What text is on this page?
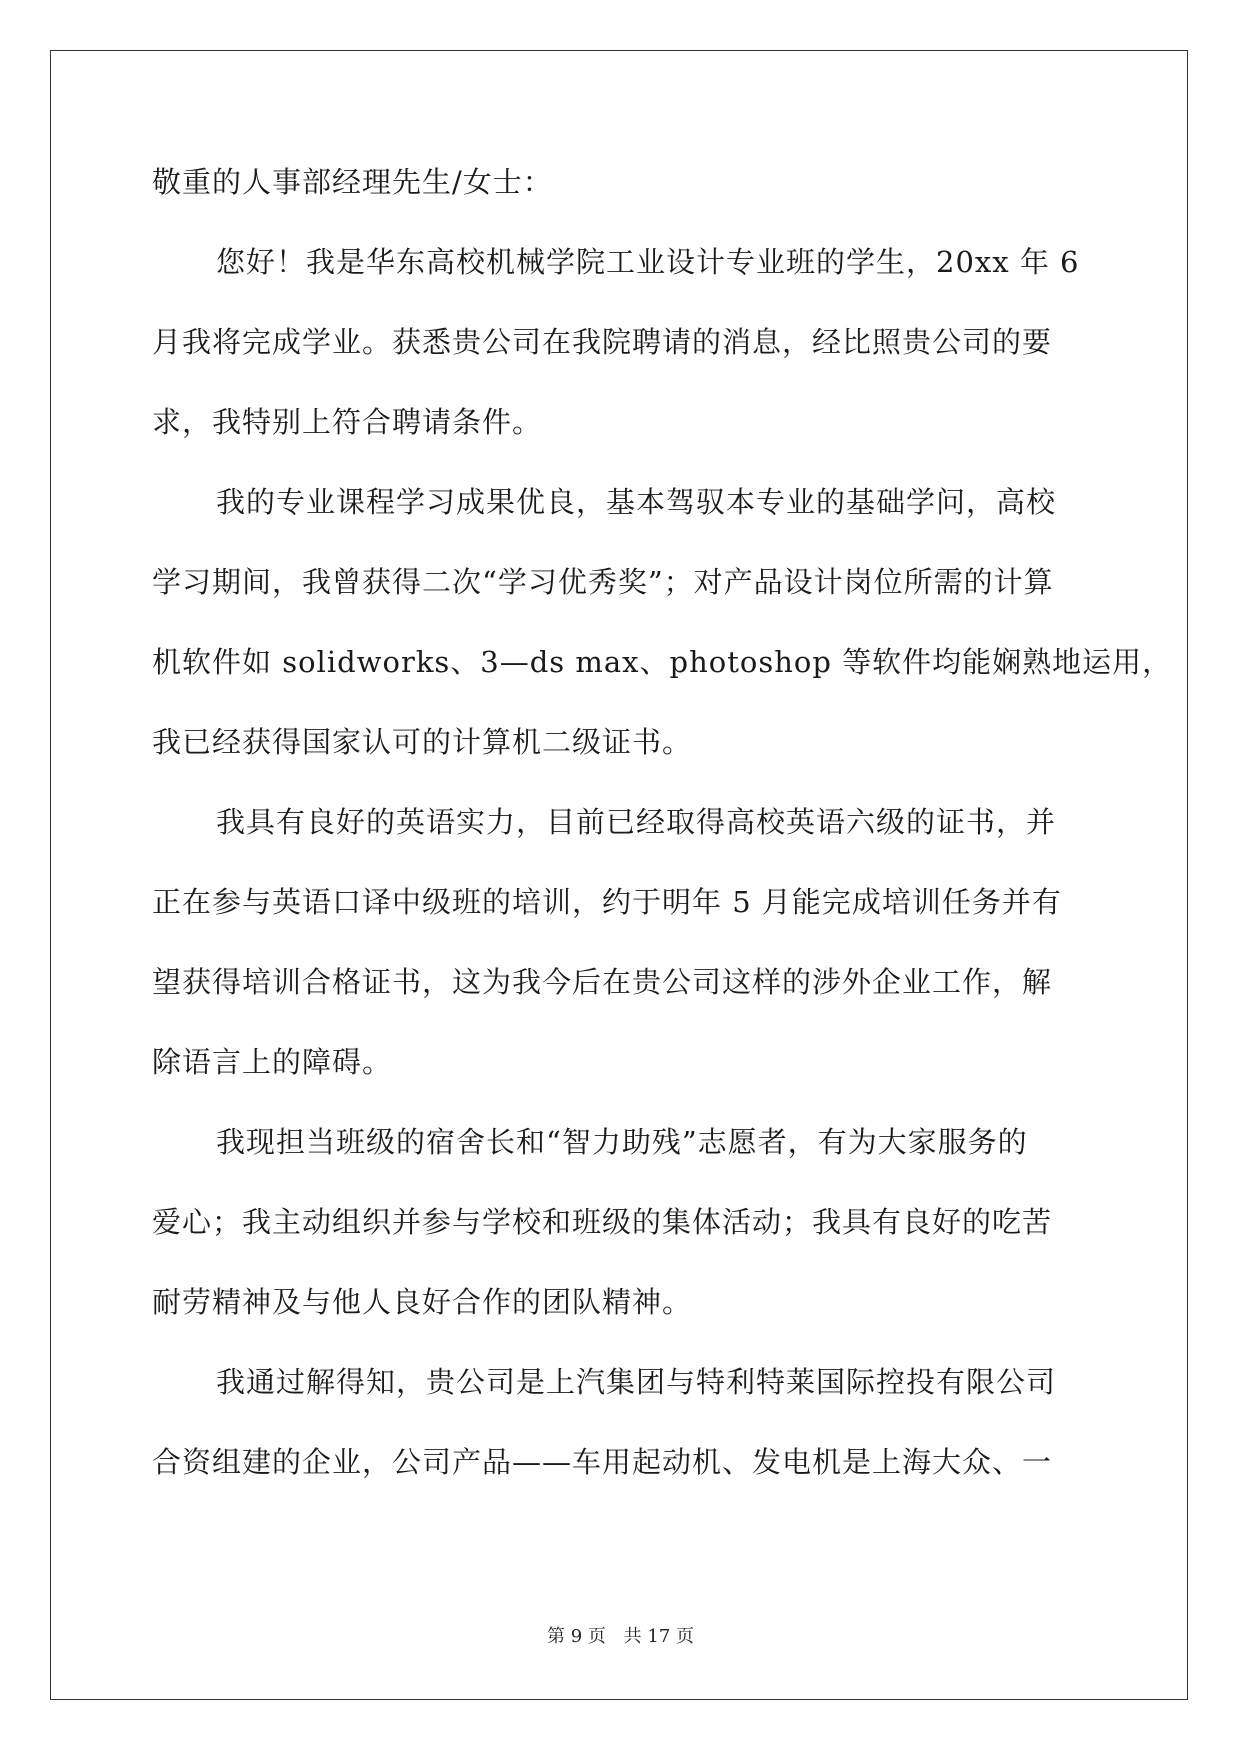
敬重的人事部经理先生/女士：
您好！我是华东高校机械学院工业设计专业班的学生，20xx 年 6
月我将完成学业。获悉贵公司在我院聘请的消息，经比照贵公司的要
求，我特别上符合聘请条件。
我的专业课程学习成果优良，基本驾驭本专业的基础学问，高校
学习期间，我曾获得二次“学习优秀奖”；对产品设计岗位所需的计算
机软件如 solidworks、3—ds max、photoshop 等软件均能娴熟地运用，
我已经获得国家认可的计算机二级证书。
我具有良好的英语实力，目前已经取得高校英语六级的证书，并
正在参与英语口译中级班的培训，约于明年 5 月能完成培训任务并有
望获得培训合格证书，这为我今后在贵公司这样的涉外企业工作，解
除语言上的障碍。
我现担当班级的宿舍长和“智力助残”志愿者，有为大家服务的
爱心；我主动组织并参与学校和班级的集体活动；我具有良好的吃苦
耐劳精神及与他人良好合作的团队精神。
我通过解得知，贵公司是上汽集团与特利特莱国际控投有限公司
合资组建的企业，公司产品——车用起动机、发电机是上海大众、一
第 9 页 共 17 页
